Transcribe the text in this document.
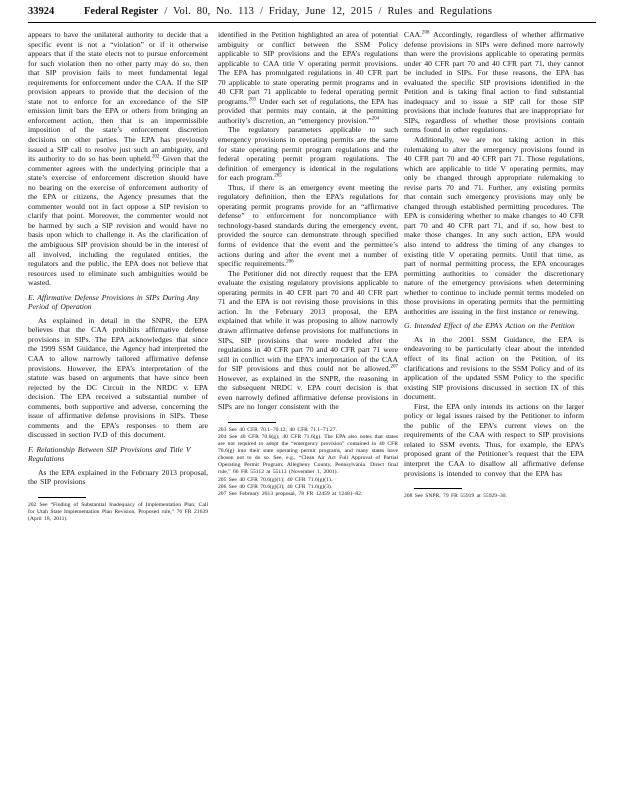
33924	Federal Register / Vol. 80, No. 113 / Friday, June 12, 2015 / Rules and Regulations

appears to have the unilateral authority to decide that a specific event is not a “violation” or if it otherwise appears that if the state elects not to pursue enforcement for such violation then no other party may do so, then that SIP provision fails to meet fundamental legal requirements for enforcement under the CAA. If the SIP provision appears to provide that the decision of the state not to enforce for an exceedance of the SIP emission limit bars the EPA or others from bringing an enforcement action, then that is an impermissible imposition of the state’s enforcement discretion decisions on other parties. The EPA has previously issued a SIP call to resolve just such an ambiguity, and its authority to do so has been upheld.$^{202}$ Given that the commenter agrees with the underlying principle that a state’s exercise of enforcement discretion should have no bearing on the exercise of enforcement authority of the EPA or citizens, the Agency presumes that the commenter would not in fact oppose a SIP revision to clarify that point. Moreover, the commenter would not be harmed by such a SIP revision and would have no basis upon which to challenge it. As the clarification of the ambiguous SIP provision should be in the interest of all involved, including the regulated entities, the regulators and the public, the EPA does not believe that resources used to eliminate such ambiguities would be wasted.

E. Affirmative Defense Provisions in SIPs During Any Period of Operation

As explained in detail in the SNPR, the EPA believes that the CAA prohibits affirmative defense provisions in SIPs. The EPA acknowledges that since the 1999 SSM Guidance, the Agency had interpreted the CAA to allow narrowly tailored affirmative defense provisions. However, the EPA’s interpretation of the statute was based on arguments that have since been rejected by the DC Circuit in the NRDC v. EPA decision. The EPA received a substantial number of comments, both supportive and adverse, concerning the issue of affirmative defense provisions in SIPs. These comments and the EPA’s responses to them are discussed in section IV.D of this document.

F. Relationship Between SIP Provisions and Title V Regulations

As the EPA explained in the February 2013 proposal, the SIP provisions

202 See “Finding of Substantial Inadequacy of Implementation Plan; Call for Utah State Implementation Plan Revision, Proposed rule,” 76 FR 21639 (April 18, 2011).

identified in the Petition highlighted an area of potential ambiguity or conflict between the SSM Policy applicable to SIP provisions and the EPA’s regulations applicable to CAA title V operating permit provisions. The EPA has promulgated regulations in 40 CFR part 70 applicable to state operating permit programs and in 40 CFR part 71 applicable to federal operating permit programs.$^{203}$ Under each set of regulations, the EPA has provided that permits may contain, at the permitting authority’s discretion, an “emergency provision.”$^{204}$

The regulatory parameters applicable to such emergency provisions in operating permits are the same for state operating permit program regulations and the federal operating permit program regulations. The definition of emergency is identical in the regulations for each program.$^{205}$

Thus, if there is an emergency event meeting the regulatory definition, then the EPA’s regulations for operating permit programs provide for an “affirmative defense” to enforcement for noncompliance with technology-based standards during the emergency event, provided the source can demonstrate through specified forms of evidence that the event and the permittee’s actions during and after the event met a number of specific requirements.$^{206}$

The Petitioner did not directly request that the EPA evaluate the existing regulatory provisions applicable to operating permits in 40 CFR part 70 and 40 CFR part 71 and the EPA is not revising those provisions in this action. In the February 2013 proposal, the EPA explained that while it was proposing to allow narrowly drawn affirmative defense provisions for malfunctions in SIPs, SIP provisions that were modeled after the regulations in 40 CFR part 70 and 40 CFR part 71 were still in conflict with the EPA’s interpretation of the CAA for SIP provisions and thus could not be allowed.$^{207}$ However, as explained in the SNPR, the reasoning in the subsequent NRDC v. EPA court decision is that even narrowly defined affirmative defense provisions in SIPs are no longer consistent with the

203 See 40 CFR 70.1–70.12; 40 CFR 71.1–71.27.

204 See 40 CFR 70.6(g); 40 CFR 71.6(g). The EPA also notes that states are not required to adopt the “emergency provision” contained in 40 CFR 70.6(g) into their state operating permit programs, and many states have chosen not to do so. See, e.g., “Clean Air Act Full Approval of Partial Operating Permit Program; Allegheny County, Pennsylvania. Direct final rule,” 66 FR 55112 at 55113 (November 1, 2001).

205 See 40 CFR 70.6(g)(1); 40 CFR 71.6(g)(1).

206 See 40 CFR 70.6(g)(3); 40 CFR 71.6(g)(3).

207 See February 2013 proposal, 78 FR 12459 at 12481–82.

CAA.$^{208}$ Accordingly, regardless of whether affirmative defense provisions in SIPs were defined more narrowly than were the provisions applicable to operating permits under 40 CFR part 70 and 40 CFR part 71, they cannot be included in SIPs. For these reasons, the EPA has evaluated the specific SIP provisions identified in the Petition and is taking final action to find substantial inadequacy and to issue a SIP call for those SIP provisions that include features that are inappropriate for SIPs, regardless of whether those provisions contain terms found in other regulations.

Additionally, we are not taking action in this rulemaking to alter the emergency provisions found in 40 CFR part 70 and 40 CFR part 71. Those regulations, which are applicable to title V operating permits, may only be changed through appropriate rulemaking to revise parts 70 and 71. Further, any existing permits that contain such emergency provisions may only be changed through established permitting procedures. The EPA is considering whether to make changes to 40 CFR part 70 and 40 CFR part 71, and if so, how best to make those changes. In any such action, EPA would also intend to address the timing of any changes to existing title V operating permits. Until that time, as part of normal permitting process, the EPA encourages permitting authorities to consider the discretionary nature of the emergency provisions when determining whether to continue to include permit terms modeled on those provisions in operating permits that the permitting authorities are issuing in the first instance or renewing.

G. Intended Effect of the EPA’s Action on the Petition

As in the 2001 SSM Guidance, the EPA is endeavoring to be particularly clear about the intended effect of its final action on the Petition, of its clarifications and revisions to the SSM Policy and of its application of the updated SSM Policy to the specific existing SIP provisions discussed in section IX of this document.

First, the EPA only intends its actions on the larger policy or legal issues raised by the Petitioner to inform the public of the EPA’s current views on the requirements of the CAA with respect to SIP provisions related to SSM events. Thus, for example, the EPA’s proposed grant of the Petitioner’s request that the EPA interpret the CAA to disallow all affirmative defense provisions is intended to convey that the EPA has

208 See SNPR, 79 FR 55919 at 55929–30.
